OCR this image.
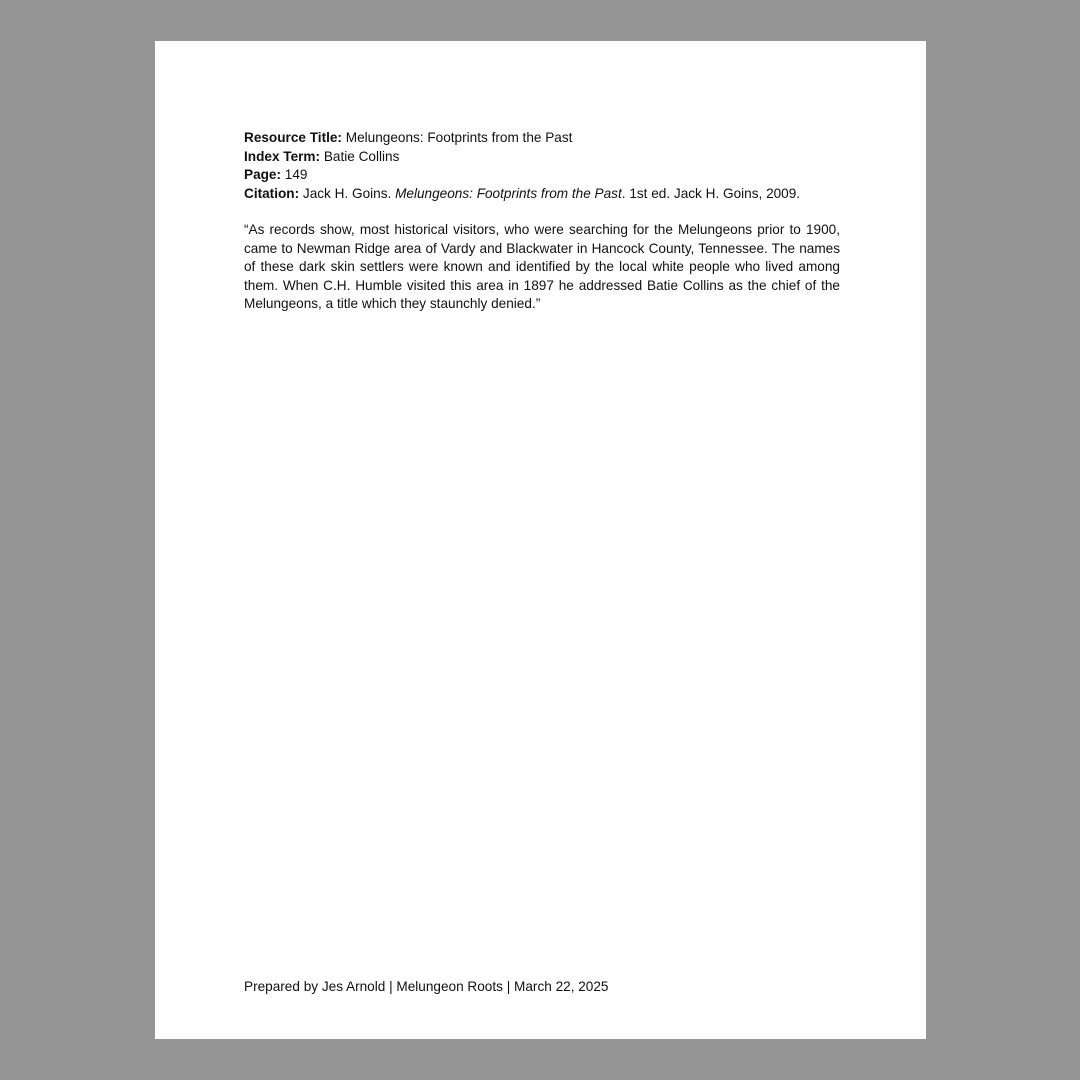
Resource Title: Melungeons: Footprints from the Past
Index Term: Batie Collins
Page: 149
Citation: Jack H. Goins. Melungeons: Footprints from the Past. 1st ed. Jack H. Goins, 2009.
“As records show, most historical visitors, who were searching for the Melungeons prior to 1900, came to Newman Ridge area of Vardy and Blackwater in Hancock County, Tennessee. The names of these dark skin settlers were known and identified by the local white people who lived among them. When C.H. Humble visited this area in 1897 he addressed Batie Collins as the chief of the Melungeons, a title which they staunchly denied.”
Prepared by Jes Arnold | Melungeon Roots | March 22, 2025
